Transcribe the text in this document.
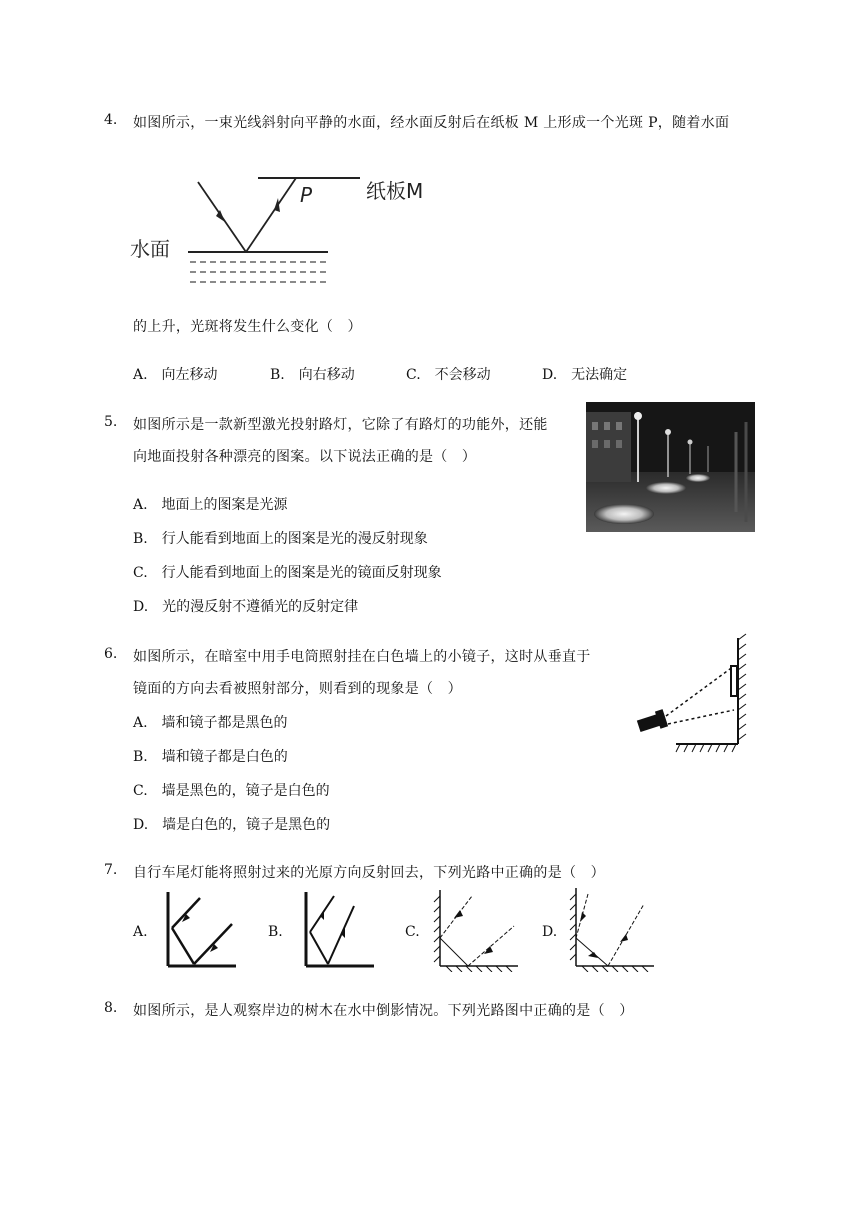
4. 如图所示，一束光线斜射向平静的水面，经水面反射后在纸板 M 上形成一个光斑 P，随着水面
P	纸板M
水面
的上升，光斑将发生什么变化（　）
A.　向左移动	B.　向右移动	C.　不会移动	D.　无法确定
5. 如图所示是一款新型激光投射路灯，它除了有路灯的功能外，还能
向地面投射各种漂亮的图案。以下说法正确的是（　）
A.　地面上的图案是光源
B.　行人能看到地面上的图案是光的漫反射现象
C.　行人能看到地面上的图案是光的镜面反射现象
D.　光的漫反射不遵循光的反射定律
6. 如图所示，在暗室中用手电筒照射挂在白色墙上的小镜子，这时从垂直于
镜面的方向去看被照射部分，则看到的现象是（　）
A.　墙和镜子都是黑色的
B.　墙和镜子都是白色的
C.　墙是黑色的，镜子是白色的
D.　墙是白色的，镜子是黑色的
7. 自行车尾灯能将照射过来的光原方向反射回去，下列光路中正确的是（　）
A.	B.	C.	D.
8. 如图所示，是人观察岸边的树木在水中倒影情况。下列光路图中正确的是（　）
